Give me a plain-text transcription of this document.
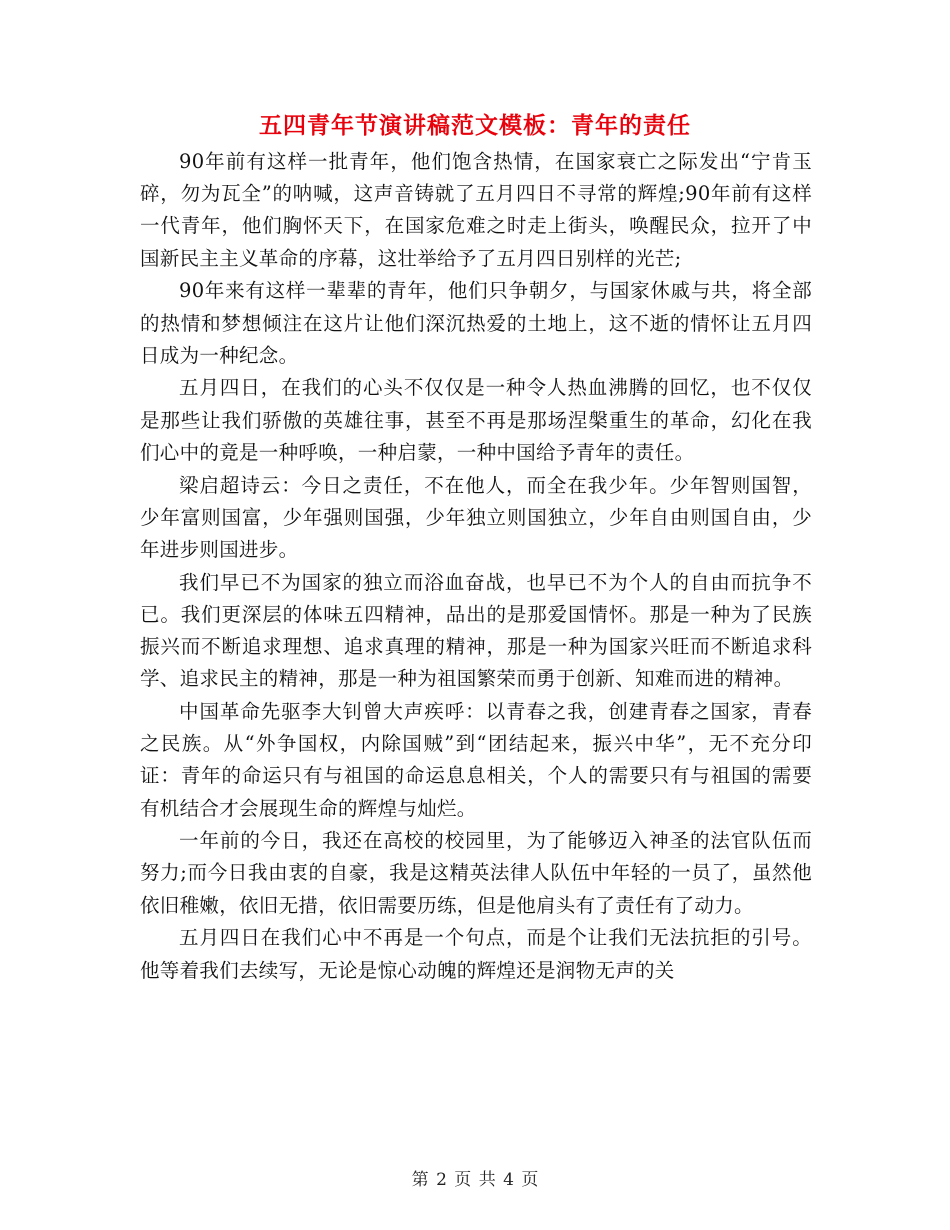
五四青年节演讲稿范文模板：青年的责任

90年前有这样一批青年，他们饱含热情，在国家衰亡之际发出“宁肯玉碎，勿为瓦全”的呐喊，这声音铸就了五月四日不寻常的辉煌;90年前有这样一代青年，他们胸怀天下，在国家危难之时走上街头，唤醒民众，拉开了中国新民主主义革命的序幕，这壮举给予了五月四日别样的光芒;

90年来有这样一辈辈的青年，他们只争朝夕，与国家休戚与共，将全部的热情和梦想倾注在这片让他们深沉热爱的土地上，这不逝的情怀让五月四日成为一种纪念。

五月四日，在我们的心头不仅仅是一种令人热血沸腾的回忆，也不仅仅是那些让我们骄傲的英雄往事，甚至不再是那场涅槃重生的革命，幻化在我们心中的竟是一种呼唤，一种启蒙，一种中国给予青年的责任。

梁启超诗云：今日之责任，不在他人，而全在我少年。少年智则国智，少年富则国富，少年强则国强，少年独立则国独立，少年自由则国自由，少年进步则国进步。

我们早已不为国家的独立而浴血奋战，也早已不为个人的自由而抗争不已。我们更深层的体味五四精神，品出的是那爱国情怀。那是一种为了民族振兴而不断追求理想、追求真理的精神，那是一种为国家兴旺而不断追求科学、追求民主的精神，那是一种为祖国繁荣而勇于创新、知难而进的精神。

中国革命先驱李大钊曾大声疾呼：以青春之我，创建青春之国家，青春之民族。从“外争国权，内除国贼”到“团结起来，振兴中华”，无不充分印证：青年的命运只有与祖国的命运息息相关，个人的需要只有与祖国的需要有机结合才会展现生命的辉煌与灿烂。

一年前的今日，我还在高校的校园里，为了能够迈入神圣的法官队伍而努力;而今日我由衷的自豪，我是这精英法律人队伍中年轻的一员了，虽然他依旧稚嫩，依旧无措，依旧需要历练，但是他肩头有了责任有了动力。

五月四日在我们心中不再是一个句点，而是个让我们无法抗拒的引号。他等着我们去续写，无论是惊心动魄的辉煌还是润物无声的关

第 2 页 共 4 页
